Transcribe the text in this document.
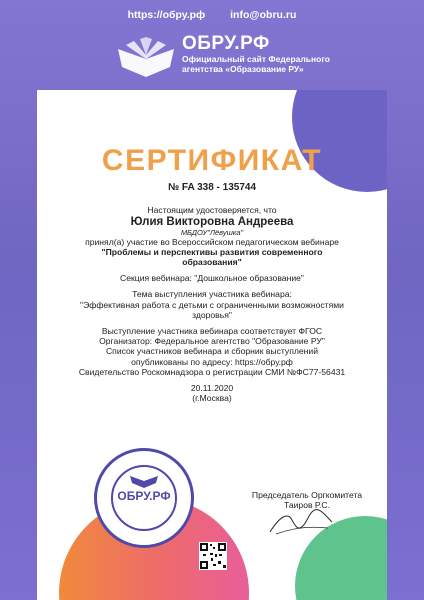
https://обру.рф info@obru.ru
ОБРУ.РФ
Официальный сайт Федерального
агентства «Образование РУ»
СЕРТИФИКАТ
№ FA 338 - 135744
Настоящим удостоверяется, что
Юлия Викторовна Андреева
МБДОУ"Лёвушка"
принял(а) участие во Всероссийском педагогическом вебинаре
"Проблемы и перспективы развития современного
образования"
Секция вебинара: "Дошкольное образование"
Тема выступления участника вебинара:
"Эффективная работа с детьми с ограниченными возможностями
здоровья"
Выступление участника вебинара соответствует ФГОС
Организатор: Федеральное агентство "Образование РУ"
Список участников вебинара и сборник выступлений
опубликованы по адресу: https://обру.рф
Свидетельство Роскомнадзора о регистрации СМИ №ФС77-56431
20.11.2020
(г.Москва)
ОБРУ.РФ	Председатель Оргкомитета
Таиров Р.С.
